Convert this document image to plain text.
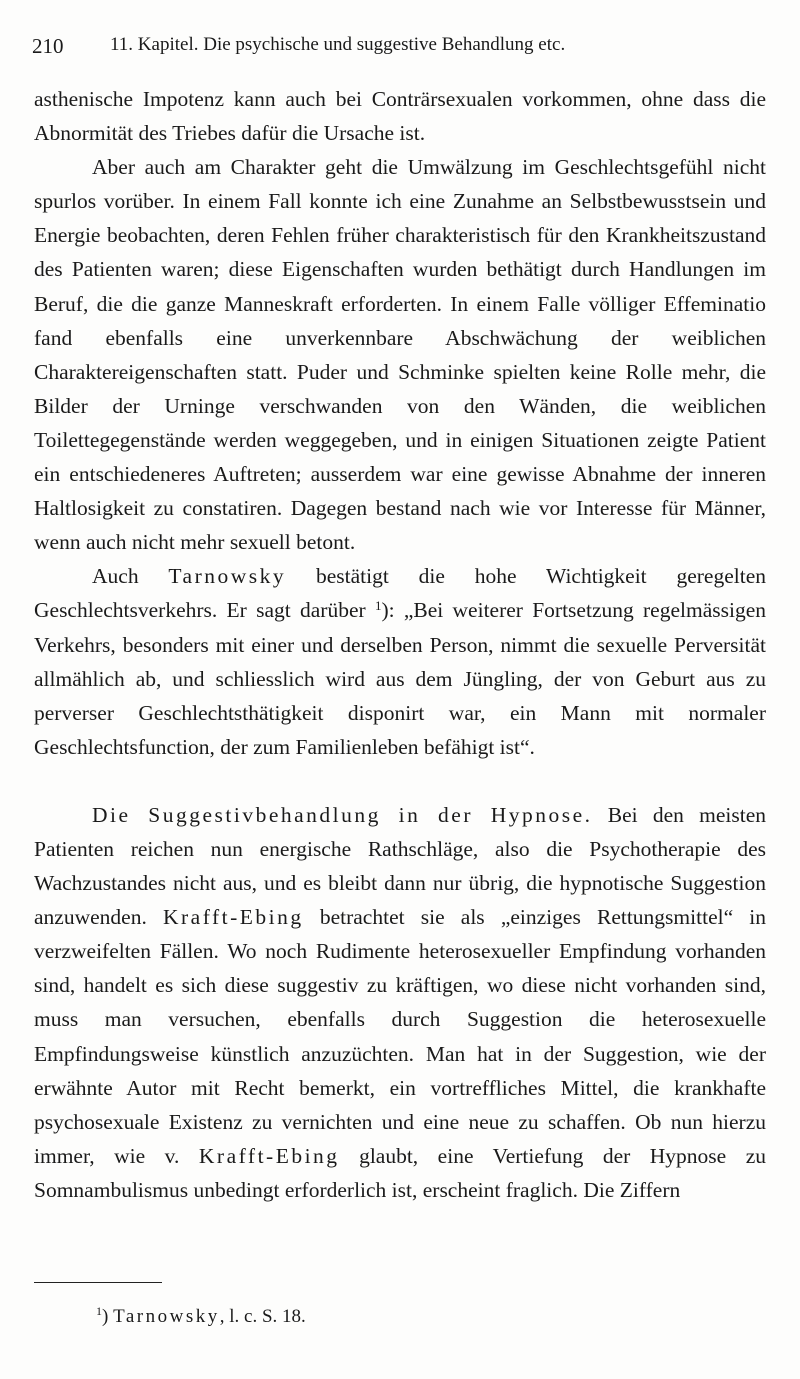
210 11. Kapitel. Die psychische und suggestive Behandlung etc.

asthenische Impotenz kann auch bei Conträrsexualen vorkommen, ohne dass die Abnormität des Triebes dafür die Ursache ist.

Aber auch am Charakter geht die Umwälzung im Geschlechtsgefühl nicht spurlos vorüber. In einem Fall konnte ich eine Zunahme an Selbstbewusstsein und Energie beobachten, deren Fehlen früher charakteristisch für den Krankheitszustand des Patienten waren; diese Eigenschaften wurden bethätigt durch Handlungen im Beruf, die die ganze Manneskraft erforderten. In einem Falle völliger Effeminatio fand ebenfalls eine unverkennbare Abschwächung der weiblichen Charaktereigenschaften statt. Puder und Schminke spielten keine Rolle mehr, die Bilder der Urninge verschwanden von den Wänden, die weiblichen Toilettegegenstände werden weggegeben, und in einigen Situationen zeigte Patient ein entschiedeneres Auftreten; ausserdem war eine gewisse Abnahme der inneren Haltlosigkeit zu constatiren. Dagegen bestand nach wie vor Interesse für Männer, wenn auch nicht mehr sexuell betont.

Auch Tarnowsky bestätigt die hohe Wichtigkeit geregelten Geschlechtsverkehrs. Er sagt darüber $^1$): „Bei weiterer Fortsetzung regelmässigen Verkehrs, besonders mit einer und derselben Person, nimmt die sexuelle Perversität allmählich ab, und schliesslich wird aus dem Jüngling, der von Geburt aus zu perverser Geschlechtsthätigkeit disponirt war, ein Mann mit normaler Geschlechtsfunction, der zum Familienleben befähigt ist“.

Die Suggestivbehandlung in der Hypnose. Bei den meisten Patienten reichen nun energische Rathschläge, also die Psychotherapie des Wachzustandes nicht aus, und es bleibt dann nur übrig, die hypnotische Suggestion anzuwenden. Krafft-Ebing betrachtet sie als „einziges Rettungsmittel“ in verzweifelten Fällen. Wo noch Rudimente heterosexueller Empfindung vorhanden sind, handelt es sich diese suggestiv zu kräftigen, wo diese nicht vorhanden sind, muss man versuchen, ebenfalls durch Suggestion die heterosexuelle Empfindungsweise künstlich anzuzüchten. Man hat in der Suggestion, wie der erwähnte Autor mit Recht bemerkt, ein vortreffliches Mittel, die krankhafte psychosexuale Existenz zu vernichten und eine neue zu schaffen. Ob nun hierzu immer, wie v. Krafft-Ebing glaubt, eine Vertiefung der Hypnose zu Somnambulismus unbedingt erforderlich ist, erscheint fraglich. Die Ziffern

$^1$) Tarnowsky, l. c. S. 18.
